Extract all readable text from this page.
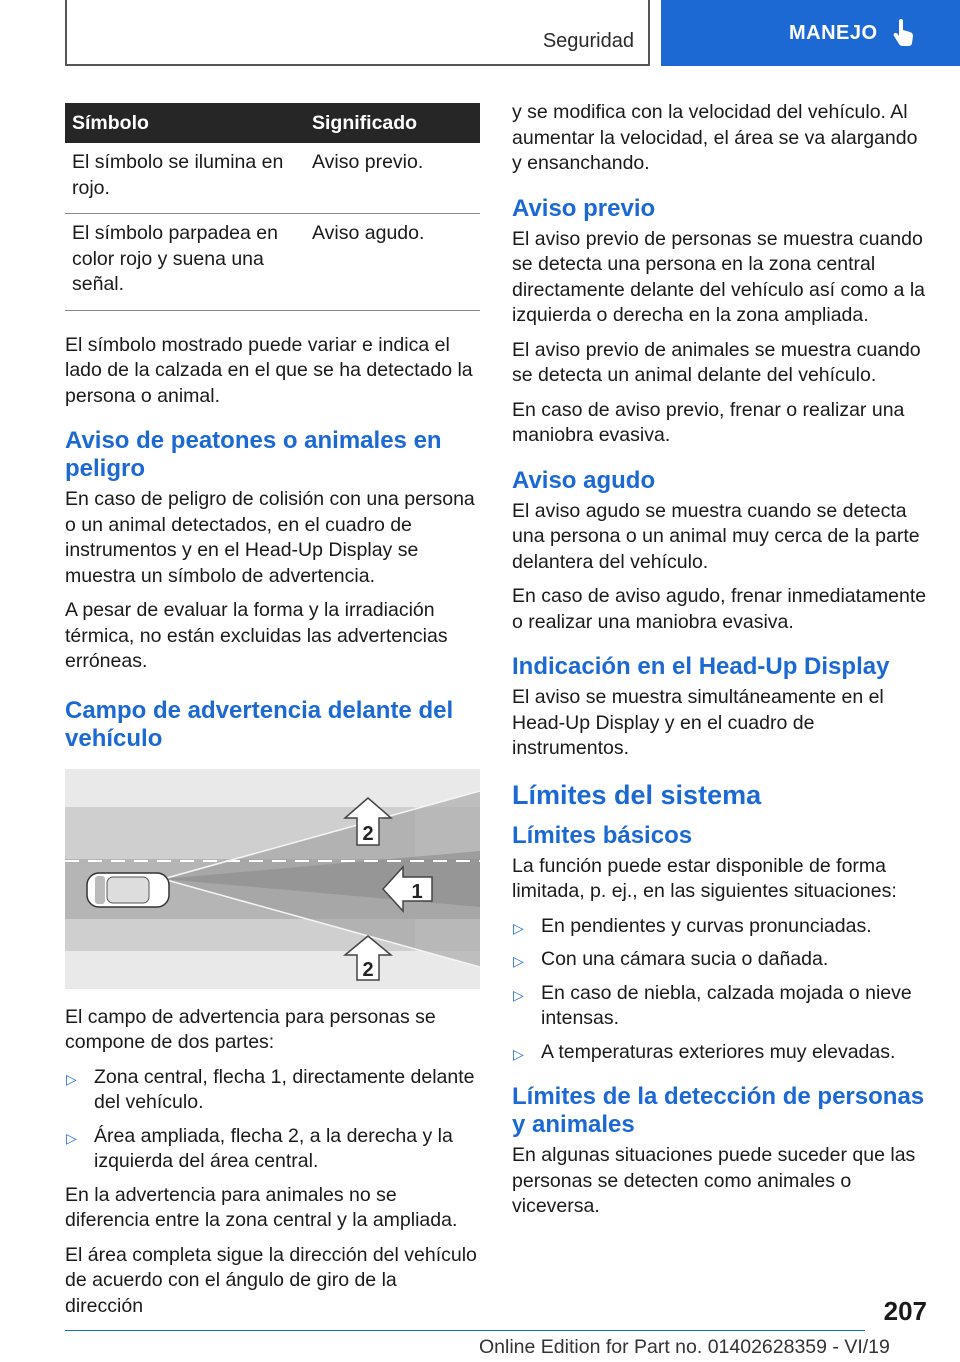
Seguridad	MANEJO
Símbolo	Significado
El símbolo se ilumina en rojo.	Aviso previo.
El símbolo parpadea en color rojo y suena una señal.	Aviso agudo.

El símbolo mostrado puede variar e indica el lado de la calzada en el que se ha detectado la persona o animal.

Aviso de peatones o animales en peligro

En caso de peligro de colisión con una persona o un animal detectados, en el cuadro de instrumentos y en el Head-Up Display se muestra un símbolo de advertencia.

A pesar de evaluar la forma y la irradiación térmica, no están excluidas las advertencias erróneas.

Campo de advertencia delante del vehículo
2
1
2

El campo de advertencia para personas se compone de dos partes:

▷ Zona central, flecha 1, directamente delante del vehículo.
▷ Área ampliada, flecha 2, a la derecha y la izquierda del área central.

En la advertencia para animales no se diferencia entre la zona central y la ampliada.

El área completa sigue la dirección del vehículo de acuerdo con el ángulo de giro de la dirección

y se modifica con la velocidad del vehículo. Al aumentar la velocidad, el área se va alargando y ensanchando.

Aviso previo

El aviso previo de personas se muestra cuando se detecta una persona en la zona central directamente delante del vehículo así como a la izquierda o derecha en la zona ampliada.

El aviso previo de animales se muestra cuando se detecta un animal delante del vehículo.

En caso de aviso previo, frenar o realizar una maniobra evasiva.

Aviso agudo

El aviso agudo se muestra cuando se detecta una persona o un animal muy cerca de la parte delantera del vehículo.

En caso de aviso agudo, frenar inmediatamente o realizar una maniobra evasiva.

Indicación en el Head-Up Display

El aviso se muestra simultáneamente en el Head-Up Display y en el cuadro de instrumentos.

Límites del sistema
Límites básicos

La función puede estar disponible de forma limitada, p. ej., en las siguientes situaciones:

▷ En pendientes y curvas pronunciadas.
▷ Con una cámara sucia o dañada.
▷ En caso de niebla, calzada mojada o nieve intensas.
▷ A temperaturas exteriores muy elevadas.
Límites de la detección de personas y animales

En algunas situaciones puede suceder que las personas se detecten como animales o viceversa.

207
Online Edition for Part no. 01402628359 - VI/19
